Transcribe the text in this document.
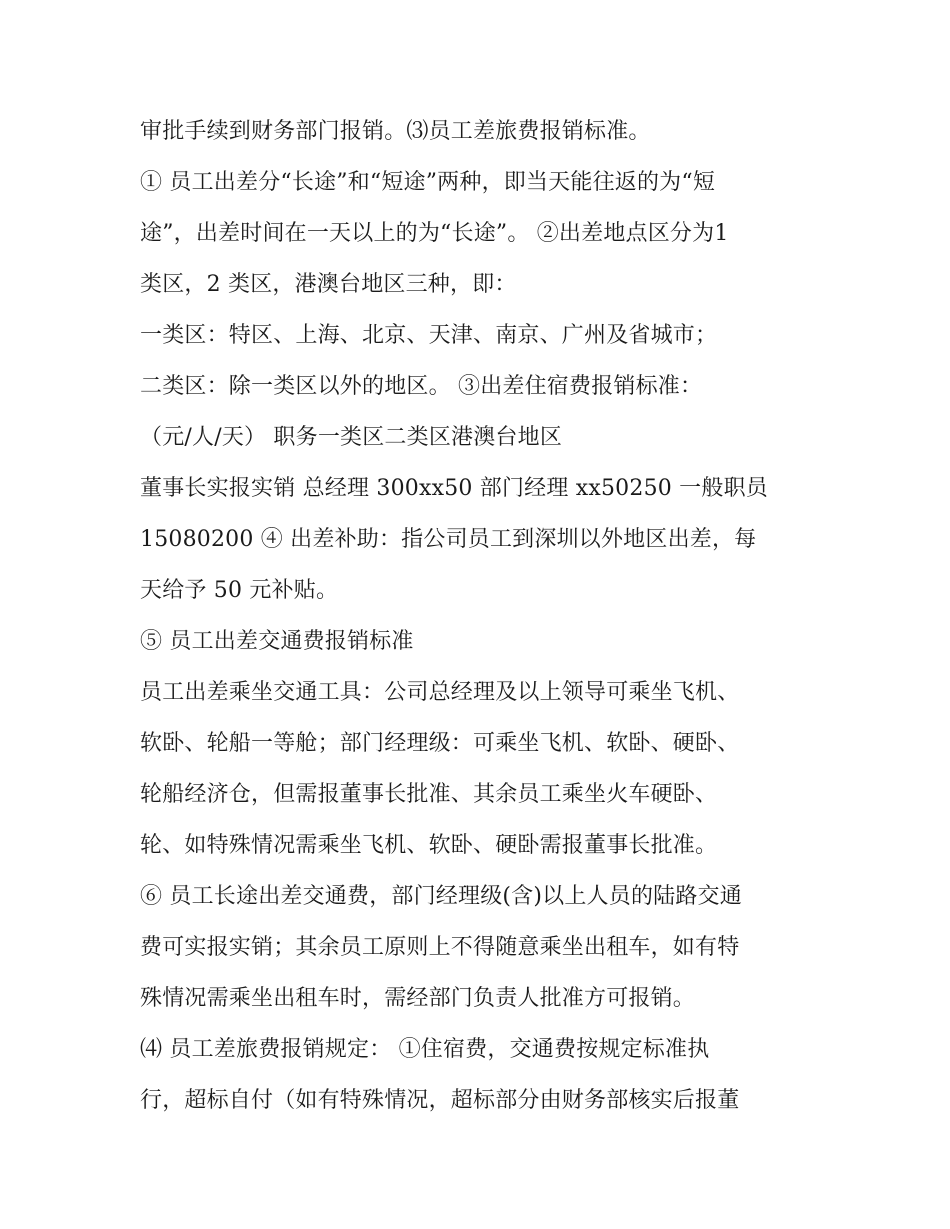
审批手续到财务部门报销。⑶员工差旅费报销标准。
① 员工出差分“长途”和“短途”两种，即当天能往返的为“短
途”，出差时间在一天以上的为“长途”。 ②出差地点区分为1
类区，2 类区，港澳台地区三种，即：
一类区：特区、上海、北京、天津、南京、广州及省城市；
二类区：除一类区以外的地区。 ③出差住宿费报销标准：
（元/人/天） 职务一类区二类区港澳台地区
董事长实报实销 总经理 300xx50 部门经理 xx50250 一般职员
15080200 ④ 出差补助：指公司员工到深圳以外地区出差，每
天给予 50 元补贴。
⑤ 员工出差交通费报销标准
员工出差乘坐交通工具：公司总经理及以上领导可乘坐飞机、
软卧、轮船一等舱；部门经理级：可乘坐飞机、软卧、硬卧、
轮船经济仓，但需报董事长批准、其余员工乘坐火车硬卧、
轮、如特殊情况需乘坐飞机、软卧、硬卧需报董事长批准。
⑥ 员工长途出差交通费，部门经理级(含)以上人员的陆路交通
费可实报实销；其余员工原则上不得随意乘坐出租车，如有特
殊情况需乘坐出租车时，需经部门负责人批准方可报销。
⑷ 员工差旅费报销规定： ①住宿费，交通费按规定标准执
行，超标自付（如有特殊情况，超标部分由财务部核实后报董
